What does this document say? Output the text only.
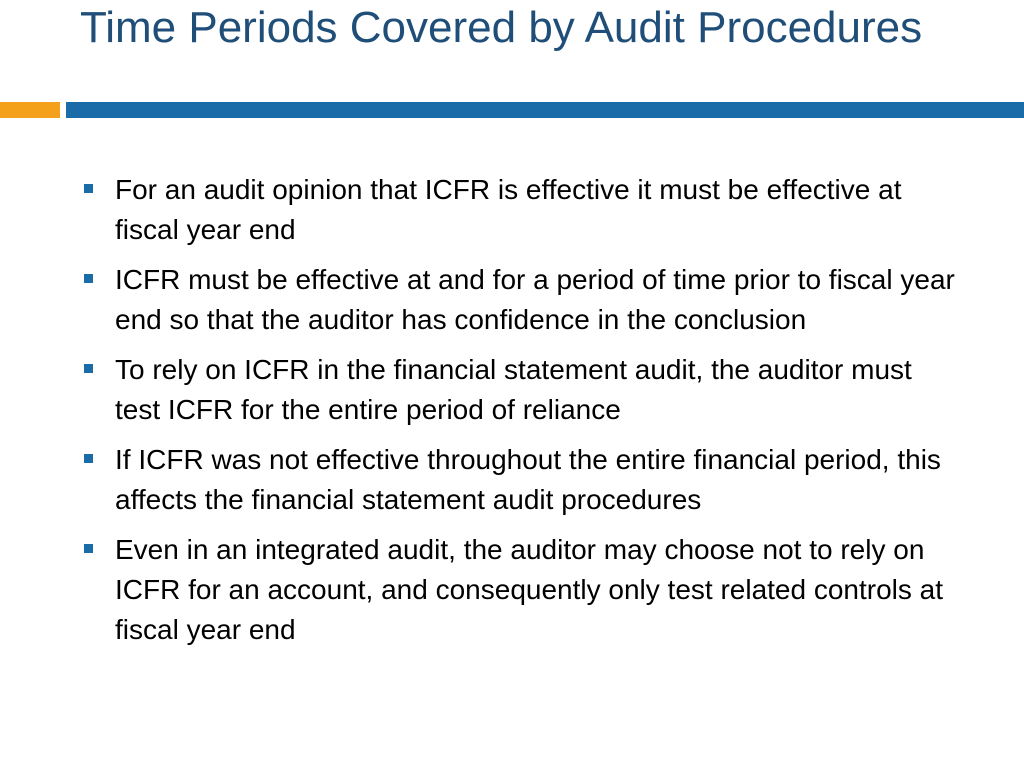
Time Periods Covered by Audit Procedures
For an audit opinion that ICFR is effective it must be effective at fiscal year end
ICFR must be effective at and for a period of time prior to fiscal year end so that the auditor has confidence in the conclusion
To rely on ICFR in the financial statement audit, the auditor must test ICFR for the entire period of reliance
If ICFR was not effective throughout the entire financial period, this affects the financial statement audit procedures
Even in an integrated audit, the auditor may choose not to rely on ICFR for an account, and consequently only test related controls at fiscal year end
